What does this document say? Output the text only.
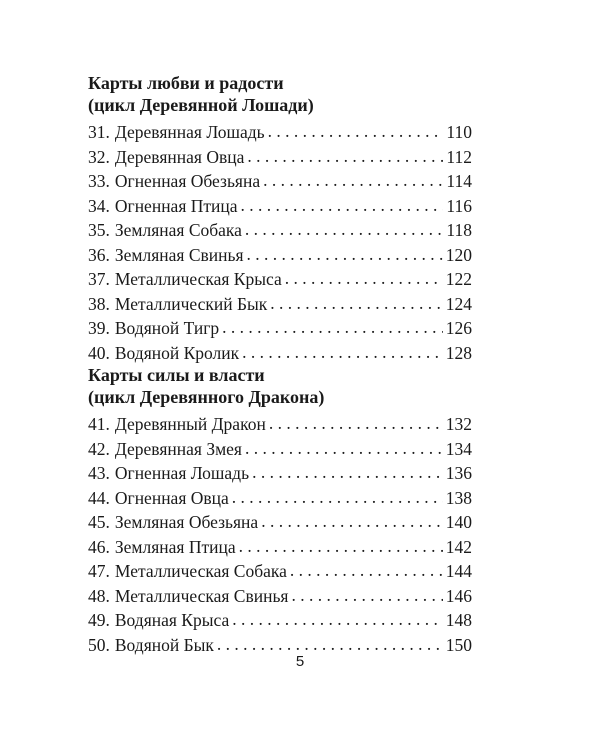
Карты любви и радости
(цикл Деревянной Лошади)
31. Деревянная Лошадь . . .	110
32. Деревянная Овца . . .	112
33. Огненная Обезьяна . . .	114
34. Огненная Птица . . .	116
35. Земляная Собака . . .	118
36. Земляная Свинья . . .	120
37. Металлическая Крыса . . .	122
38. Металлический Бык . . .	124
39. Водяной Тигр . . .	126
40. Водяной Кролик . . .	128
Карты силы и власти
(цикл Деревянного Дракона)
41. Деревянный Дракон . . .	132
42. Деревянная Змея . . .	134
43. Огненная Лошадь . . .	136
44. Огненная Овца . . .	138
45. Земляная Обезьяна . . .	140
46. Земляная Птица . . .	142
47. Металлическая Собака . . .	144
48. Металлическая Свинья . . .	146
49. Водяная Крыса . . .	148
50. Водяной Бык . . .	150
5
